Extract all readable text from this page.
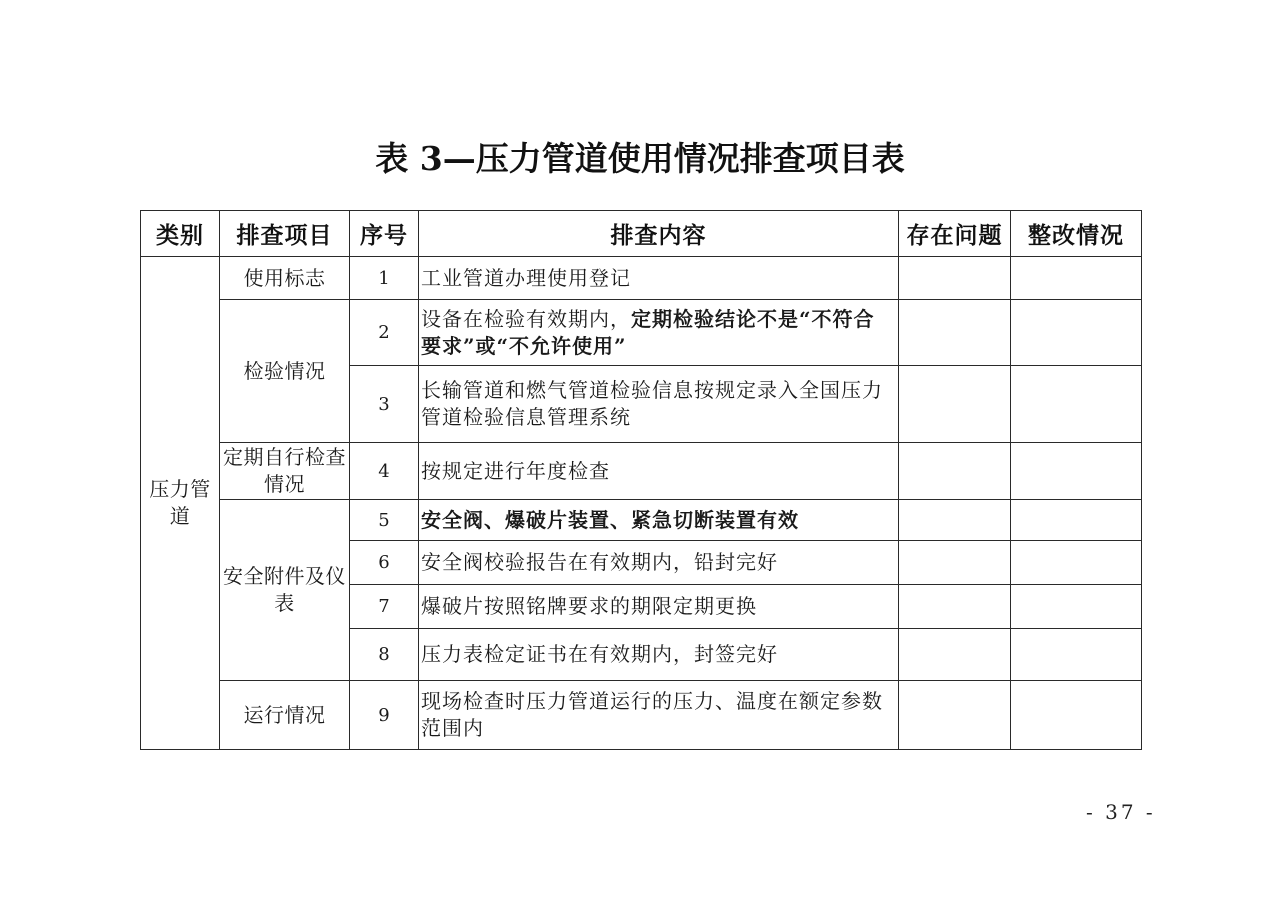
表 3—压力管道使用情况排查项目表
类别	排查项目	序号	排查内容	存在问题	整改情况
压力管道	使用标志	1	工业管道办理使用登记		
	检验情况	2	设备在检验有效期内，定期检验结论不是“不符合要求”或“不允许使用”		
		3	长输管道和燃气管道检验信息按规定录入全国压力管道检验信息管理系统		
	定期自行检查情况	4	按规定进行年度检查		
	安全附件及仪表	5	安全阀、爆破片装置、紧急切断装置有效		
		6	安全阀校验报告在有效期内，铅封完好		
		7	爆破片按照铭牌要求的期限定期更换		
		8	压力表检定证书在有效期内，封签完好		
	运行情况	9	现场检查时压力管道运行的压力、温度在额定参数范围内		
- 37 -
